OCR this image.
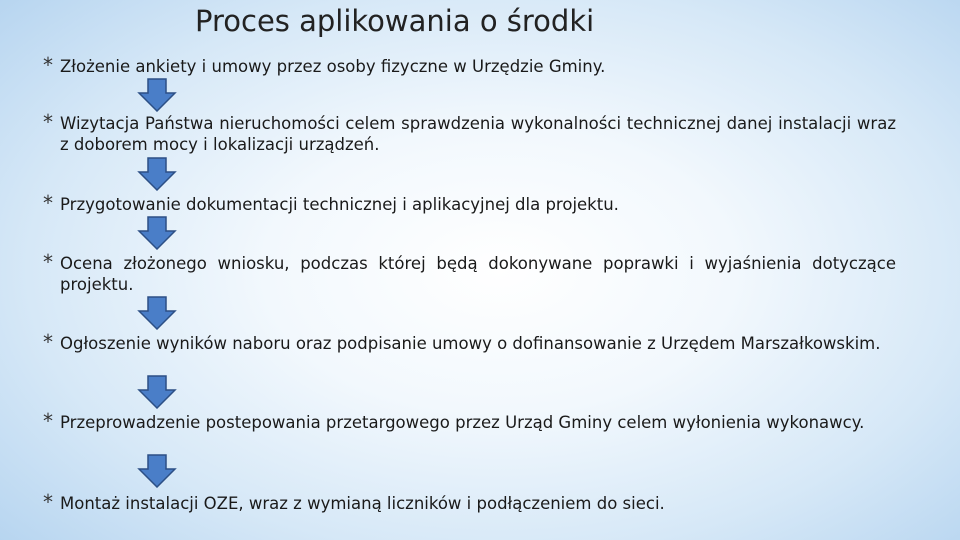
Proces aplikowania o środki
* Złożenie ankiety i umowy przez osoby fizyczne w Urzędzie Gminy.
* Wizytacja Państwa nieruchomości celem sprawdzenia wykonalności technicznej danej instalacji wraz z doborem mocy i lokalizacji urządzeń.
* Przygotowanie dokumentacji technicznej i aplikacyjnej dla projektu.
* Ocena złożonego wniosku, podczas której będą dokonywane poprawki i wyjaśnienia dotyczące projektu.
* Ogłoszenie wyników naboru oraz podpisanie umowy o dofinansowanie z Urzędem Marszałkowskim.
* Przeprowadzenie postepowania przetargowego przez Urząd Gminy celem wyłonienia wykonawcy.
* Montaż instalacji OZE, wraz z wymianą liczników i podłączeniem do sieci.
